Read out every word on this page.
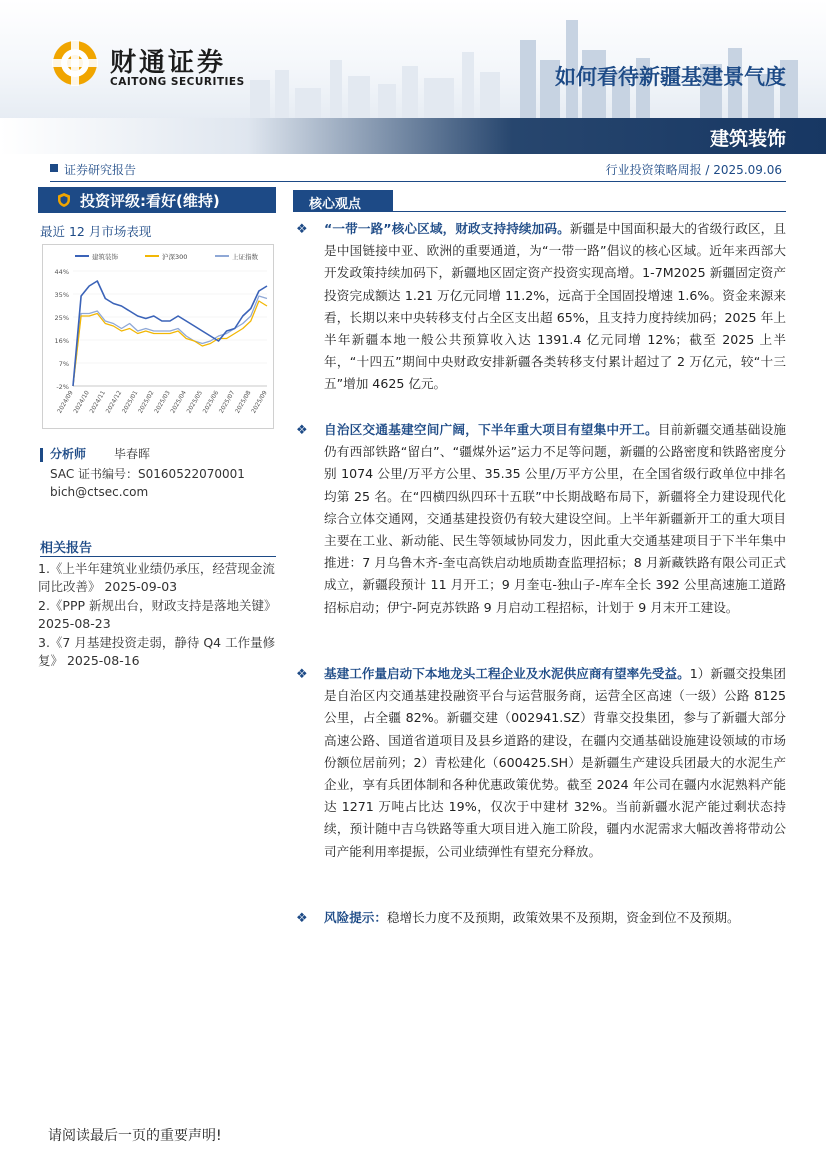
财通证券
CAITONG SECURITIES	如何看待新疆基建景气度
建筑装饰
证券研究报告	行业投资策略周报 / 2025.09.06
投资评级:看好(维持)
最近 12 月市场表现
44%
35%
25%
16%
7%
-2%
2024/09
2024/10
2024/11
2024/12
2025/01
2025/02
2025/03
2025/04
2025/05
2025/06
2025/07
2025/08
2025/09
建筑装饰	沪深300	上证指数
分析师 毕春晖
SAC 证书编号：S0160522070001
bich@ctsec.com
相关报告
1.《上半年建筑业业绩仍承压，经营现金流同比改善》 2025-09-03
2.《PPP 新规出台，财政支持是落地关键》 2025-08-23
3.《7 月基建投资走弱，静待 Q4 工作量修复》 2025-08-16
核心观点
❖ “一带一路”核心区域，财政支持持续加码。新疆是中国面积最大的省级行政区，且是中国链接中亚、欧洲的重要通道，为“一带一路”倡议的核心区域。近年来西部大开发政策持续加码下，新疆地区固定资产投资实现高增。1-7M2025 新疆固定资产投资完成额达 1.21 万亿元同增 11.2%，远高于全国固投增速 1.6%。资金来源来看，长期以来中央转移支付占全区支出超 65%，且支持力度持续加码；2025 年上半年新疆本地一般公共预算收入达 1391.4 亿元同增 12%；截至 2025 上半年，“十四五”期间中央财政安排新疆各类转移支付累计超过了 2 万亿元，较“十三五”增加 4625 亿元。
❖ 自治区交通基建空间广阔，下半年重大项目有望集中开工。目前新疆交通基础设施仍有西部铁路“留白”、“疆煤外运”运力不足等问题，新疆的公路密度和铁路密度分别 1074 公里/万平方公里、35.35 公里/万平方公里，在全国省级行政单位中排名均第 25 名。在“四横四纵四环十五联”中长期战略布局下，新疆将全力建设现代化综合立体交通网，交通基建投资仍有较大建设空间。上半年新疆新开工的重大项目主要在工业、新动能、民生等领域协同发力，因此重大交通基建项目于下半年集中推进：7 月乌鲁木齐-奎屯高铁启动地质勘查监理招标；8 月新藏铁路有限公司正式成立，新疆段预计 11 月开工；9 月奎屯-独山子-库车全长 392 公里高速施工道路招标启动；伊宁-阿克苏铁路 9 月启动工程招标，计划于 9 月末开工建设。
❖ 基建工作量启动下本地龙头工程企业及水泥供应商有望率先受益。1）新疆交投集团是自治区内交通基建投融资平台与运营服务商，运营全区高速（一级）公路 8125 公里，占全疆 82%。新疆交建（002941.SZ）背靠交投集团，参与了新疆大部分高速公路、国道省道项目及县乡道路的建设，在疆内交通基础设施建设领域的市场份额位居前列；2）青松建化（600425.SH）是新疆生产建设兵团最大的水泥生产企业，享有兵团体制和各种优惠政策优势。截至 2024 年公司在疆内水泥熟料产能达 1271 万吨占比达 19%，仅次于中建材 32%。当前新疆水泥产能过剩状态持续，预计随中吉乌铁路等重大项目进入施工阶段，疆内水泥需求大幅改善将带动公司产能利用率提振，公司业绩弹性有望充分释放。
❖ 风险提示：稳增长力度不及预期，政策效果不及预期，资金到位不及预期。
请阅读最后一页的重要声明!
